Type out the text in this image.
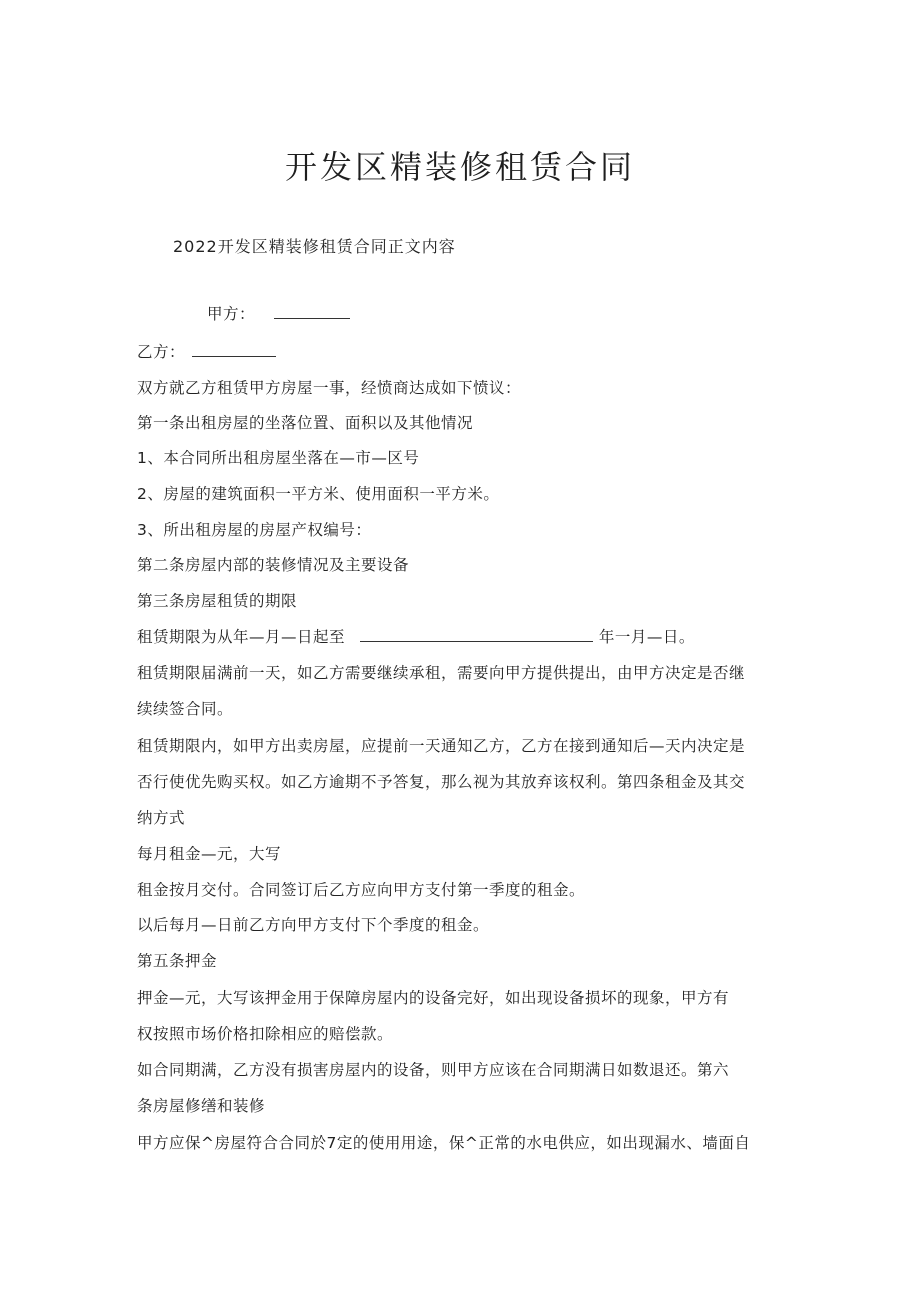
开发区精装修租赁合同
2022开发区精装修租赁合同正文内容
甲方：
乙方：
双方就乙方租赁甲方房屋一事，经愤商达成如下愤议：
第一条出租房屋的坐落位置、面积以及其他情况
1、本合同所出租房屋坐落在—市—区号
2、房屋的建筑面积一平方米、使用面积一平方米。
3、所出租房屋的房屋产权编号：
第二条房屋内部的装修情况及主要设备
第三条房屋租赁的期限
租赁期限为从年—月—日起至	年一月—日。
租赁期限届满前一天，如乙方需要继续承租，需要向甲方提供提出，由甲方决定是否继
续续签合同。
租赁期限内，如甲方出卖房屋，应提前一天通知乙方，乙方在接到通知后—天内决定是
否行使优先购买权。如乙方逾期不予答复，那么视为其放弃该权利。第四条租金及其交
纳方式
每月租金—元，大写
租金按月交付。合同签订后乙方应向甲方支付第一季度的租金。
以后每月—日前乙方向甲方支付下个季度的租金。
第五条押金
押金—元，大写该押金用于保障房屋内的设备完好，如出现设备损坏的现象，甲方有
权按照市场价格扣除相应的赔偿款。
如合同期满，乙方没有损害房屋内的设备，则甲方应该在合同期满日如数退还。第六
条房屋修缮和装修
甲方应保^房屋符合合同於7定的使用用途，保^正常的水电供应，如出现漏水、墙面自
